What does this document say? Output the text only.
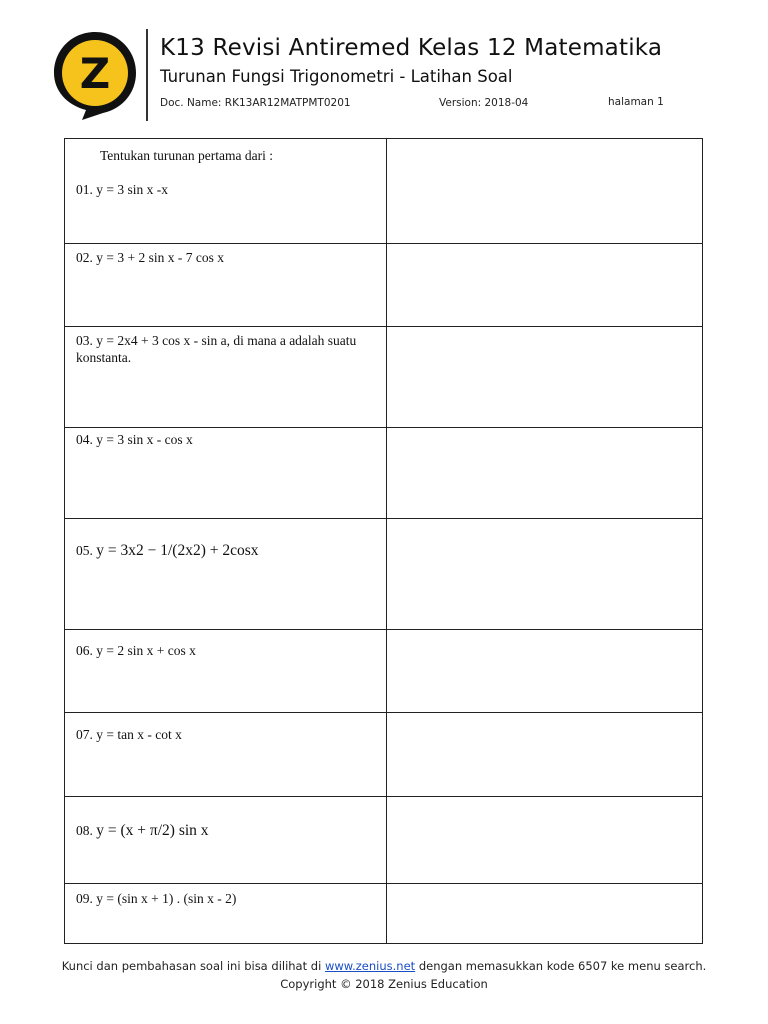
Z
K13 Revisi Antiremed Kelas 12 Matematika
Turunan Fungsi Trigonometri - Latihan Soal
Doc. Name: RK13AR12MATPMT0201	Version: 2018-04	halaman 1
Tentukan turunan pertama dari :
01. y = 3 sin x -x
02. y = 3 + 2 sin x - 7 cos x
03. y = 2x4 + 3 cos x - sin a, di mana a adalah suatu konstanta.
04. y = 3 sin x - cos x
05. y = 3x2 − 1/(2x2) + 2cosx
06. y = 2 sin x + cos x
07. y = tan x - cot x
08. y = (x + π/2) sin x
09. y = (sin x + 1) . (sin x - 2)
Kunci dan pembahasan soal ini bisa dilihat di www.zenius.net dengan memasukkan kode 6507 ke menu search.
Copyright © 2018 Zenius Education
